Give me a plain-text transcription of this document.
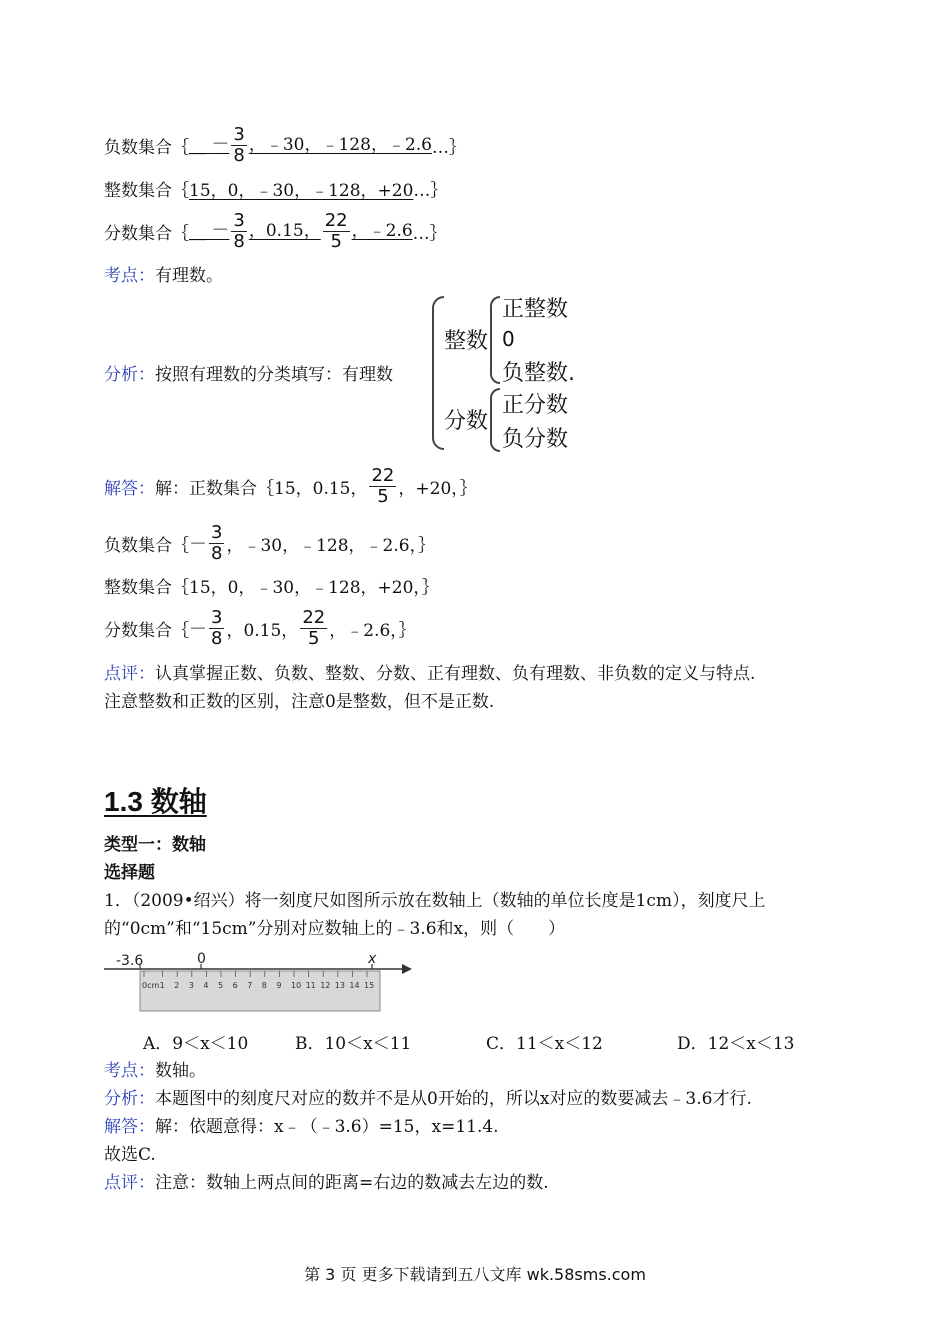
负数集合｛ __ － $\frac{3}{8}$ ，﹣30，﹣128，﹣2.6 …｝
整数集合｛ 15，0，﹣30，﹣128，+20 …｝
分数集合｛ __ － $\frac{3}{8}$ ，0.15， $\frac{22}{5}$ ，﹣2.6 …｝
考点： 有理数。
分析： 按照有理数的分类填写：有理数
整数
正整数
0
负整数.
分数
正分数
负分数
解答： 解：正数集合｛15，0.15， $\frac{22}{5}$ ，+20，｝
负数集合｛ － $\frac{3}{8}$ ，﹣30，﹣128，﹣2.6，｝
整数集合｛15，0，﹣30，﹣128，+20，｝
分数集合｛ － $\frac{3}{8}$ ，0.15， $\frac{22}{5}$ ，﹣2.6，｝
点评： 认真掌握正数、负数、整数、分数、正有理数、负有理数、非负数的定义与特点.
注意整数和正数的区别，注意0是整数，但不是正数.
1.3 数轴
类型一：数轴
选择题
1．（2009•绍兴）将一刻度尺如图所示放在数轴上（数轴的单位长度是1cm），刻度尺上
的“0cm”和“15cm”分别对应数轴上的﹣3.6和x，则（　　）
-3.6	0	x
0cm 1 2 3 4 5 6 7 8 9 10 11 12 13 14 15
A．9＜x＜10	B．10＜x＜11	C．11＜x＜12	D．12＜x＜13
考点： 数轴。
分析： 本题图中的刻度尺对应的数并不是从0开始的，所以x对应的数要减去﹣3.6才行.
解答： 解：依题意得：x﹣（﹣3.6）=15，x=11.4.
故选C.
点评： 注意：数轴上两点间的距离=右边的数减去左边的数.
第 3 页 更多下载请到五八文库 wk.58sms.com
